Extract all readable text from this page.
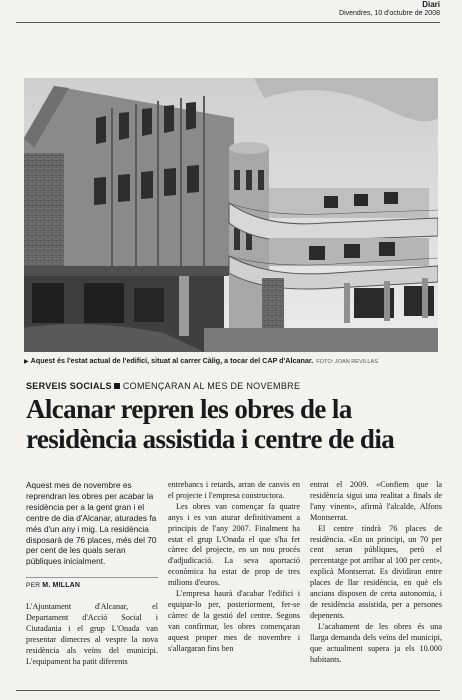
Diari
Divendres, 10 d'octubre de 2008
▶ Aquest és l'estat actual de l'edifici, situat al carrer Càlig, a tocar del CAP d'Alcanar. FOTO: JOAN REVILLAS
SERVEIS SOCIALS COMENÇARAN AL MES DE NOVEMBRE
Alcanar repren les obres de la
residència assistida i centre de dia

Aquest mes de novembre es reprendran les obres per acabar la residència per a la gent gran i el centre de dia d'Alcanar, aturades fa més d'un any i mig. La residència disposarà de 76 places, més del 70 per cent de les quals seran públiques inicialment.

PER M. MILLAN

L'Ajuntament d'Alcanar, el Departament d'Acció Social i Ciutadania i el grup L'Onada van presentar dimecres al vespre la nova residència als veïns del municipi. L'equipament ha patit diferents

entrebancs i retards, arran de canvis en el projecte i l'empresa constructora.

Les obres van començar fa quatre anys i es van aturar definitivament a principis de l'any 2007. Finalment ha estat el grup L'Onada el que s'ha fet càrrec del projecte, en un nou procés d'adjudicació. La seva aportació econòmica ha estat de prop de tres milions d'euros.

L'empresa haurà d'acabar l'edifici i equipar-lo per, posteriorment, fer-se càrrec de la gestió del centre. Segons van confirmar, les obres començaran aquest proper mes de novembre i s'allargaran fins ben

entrat el 2009. «Confiem que la residència sigui una realitat a finals de l'any vinent», afirmà l'alcalde, Alfons Montserrat.

El centre tindrà 76 places de residència. «En un principi, un 70 per cent seran públiques, però el percentatge pot arribar al 100 per cent», explicà Montserrat. Es dividiran entre places de llar residència, en què els ancians disposen de certa autonomia, i de residència assistida, per a persones depenents.

L'acabament de les obres és una llarga demanda dels veïns del municipi, que actualment supera ja els 10.000 habitants.
